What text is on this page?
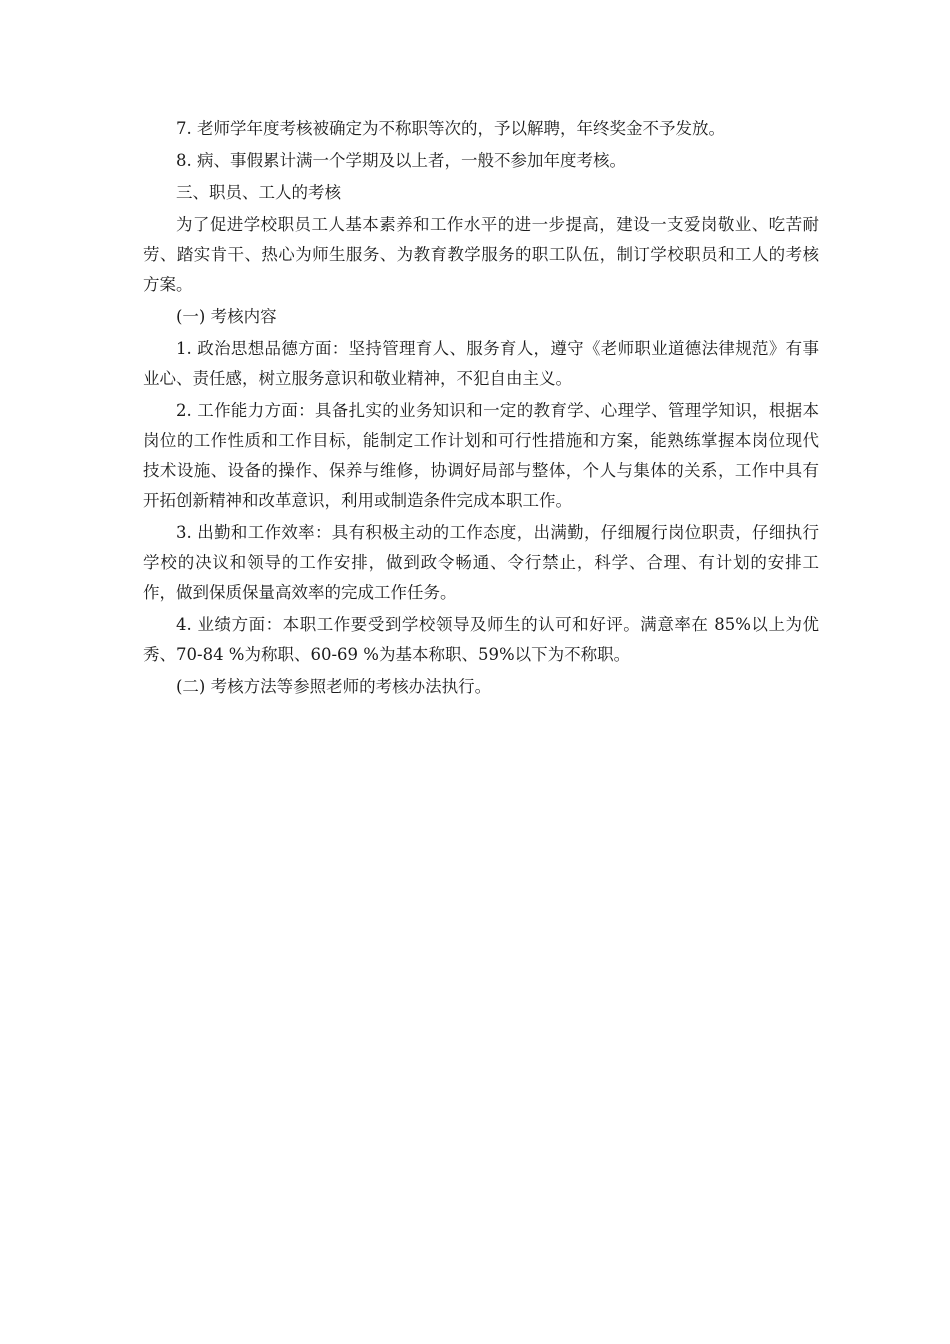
7. 老师学年度考核被确定为不称职等次的，予以解聘，年终奖金不予发放。

8. 病、事假累计满一个学期及以上者，一般不参加年度考核。

三、职员、工人的考核

为了促进学校职员工人基本素养和工作水平的进一步提高，建设一支爱岗敬业、吃苦耐劳、踏实肯干、热心为师生服务、为教育教学服务的职工队伍，制订学校职员和工人的考核方案。

(一) 考核内容

1. 政治思想品德方面：坚持管理育人、服务育人，遵守《老师职业道德法律规范》有事业心、责任感，树立服务意识和敬业精神，不犯自由主义。

2. 工作能力方面：具备扎实的业务知识和一定的教育学、心理学、管理学知识，根据本岗位的工作性质和工作目标，能制定工作计划和可行性措施和方案，能熟练掌握本岗位现代技术设施、设备的操作、保养与维修，协调好局部与整体，个人与集体的关系，工作中具有开拓创新精神和改革意识，利用或制造条件完成本职工作。

3. 出勤和工作效率：具有积极主动的工作态度，出满勤，仔细履行岗位职责，仔细执行学校的决议和领导的工作安排，做到政令畅通、令行禁止，科学、合理、有计划的安排工作，做到保质保量高效率的完成工作任务。

4. 业绩方面：本职工作要受到学校领导及师生的认可和好评。满意率在 85%以上为优秀、70-84 %为称职、60-69 %为基本称职、59%以下为不称职。

(二) 考核方法等参照老师的考核办法执行。
